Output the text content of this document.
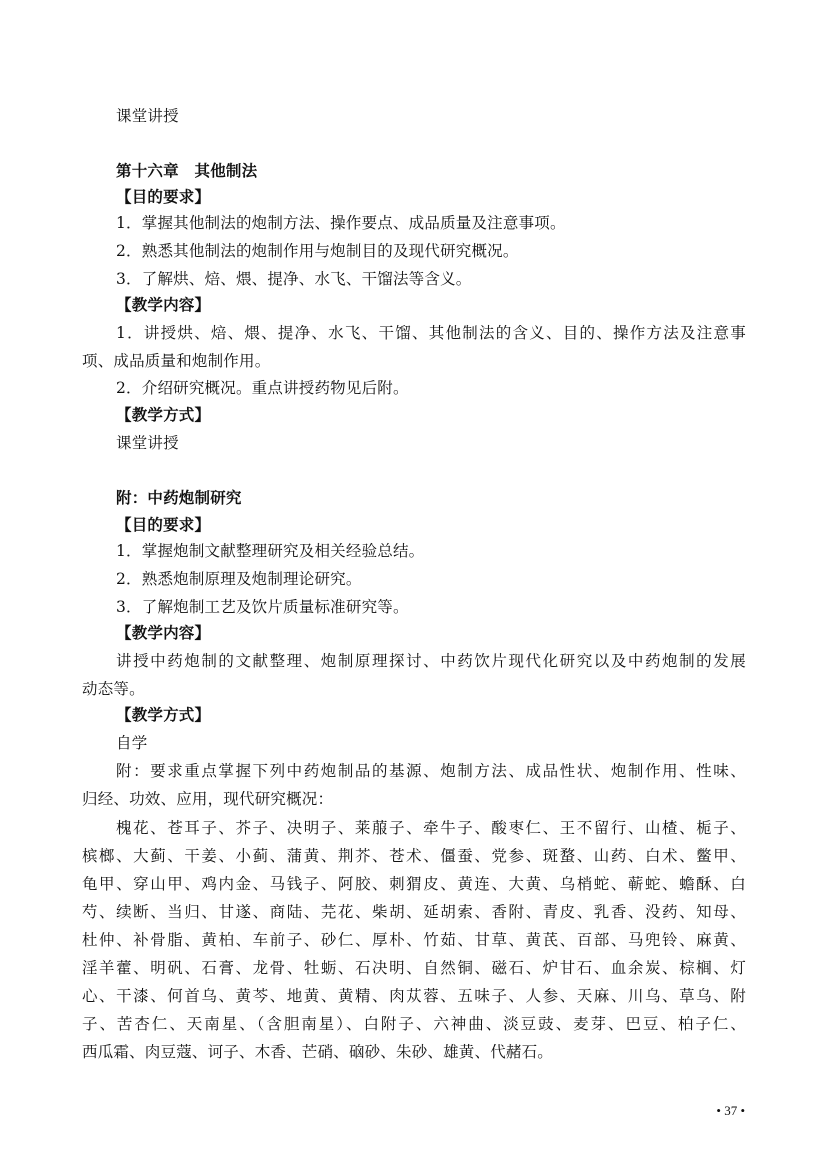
课堂讲授
第十六章　其他制法
【目的要求】
1．掌握其他制法的炮制方法、操作要点、成品质量及注意事项。
2．熟悉其他制法的炮制作用与炮制目的及现代研究概况。
3．了解烘、焙、煨、提净、水飞、干馏法等含义。
【教学内容】
1．讲授烘、焙、煨、提净、水飞、干馏、其他制法的含义、目的、操作方法及注意事
项、成品质量和炮制作用。
2．介绍研究概况。重点讲授药物见后附。
【教学方式】
课堂讲授
附：中药炮制研究
【目的要求】
1．掌握炮制文献整理研究及相关经验总结。
2．熟悉炮制原理及炮制理论研究。
3．了解炮制工艺及饮片质量标准研究等。
【教学内容】
讲授中药炮制的文献整理、炮制原理探讨、中药饮片现代化研究以及中药炮制的发展
动态等。
【教学方式】
自学
附：要求重点掌握下列中药炮制品的基源、炮制方法、成品性状、炮制作用、性味、
归经、功效、应用，现代研究概况：
槐花、苍耳子、芥子、决明子、莱菔子、牵牛子、酸枣仁、王不留行、山楂、栀子、
槟榔、大蓟、干姜、小蓟、蒲黄、荆芥、苍术、僵蚕、党参、斑蝥、山药、白术、鳖甲、
龟甲、穿山甲、鸡内金、马钱子、阿胶、刺猬皮、黄连、大黄、乌梢蛇、蕲蛇、蟾酥、白
芍、续断、当归、甘遂、商陆、芫花、柴胡、延胡索、香附、青皮、乳香、没药、知母、
杜仲、补骨脂、黄柏、车前子、砂仁、厚朴、竹茹、甘草、黄芪、百部、马兜铃、麻黄、
淫羊藿、明矾、石膏、龙骨、牡蛎、石决明、自然铜、磁石、炉甘石、血余炭、棕榈、灯
心、干漆、何首乌、黄芩、地黄、黄精、肉苁蓉、五味子、人参、天麻、川乌、草乌、附
子、苦杏仁、天南星、（含胆南星）、白附子、六神曲、淡豆豉、麦芽、巴豆、柏子仁、
西瓜霜、肉豆蔻、诃子、木香、芒硝、硇砂、朱砂、雄黄、代赭石。
• 37 •
